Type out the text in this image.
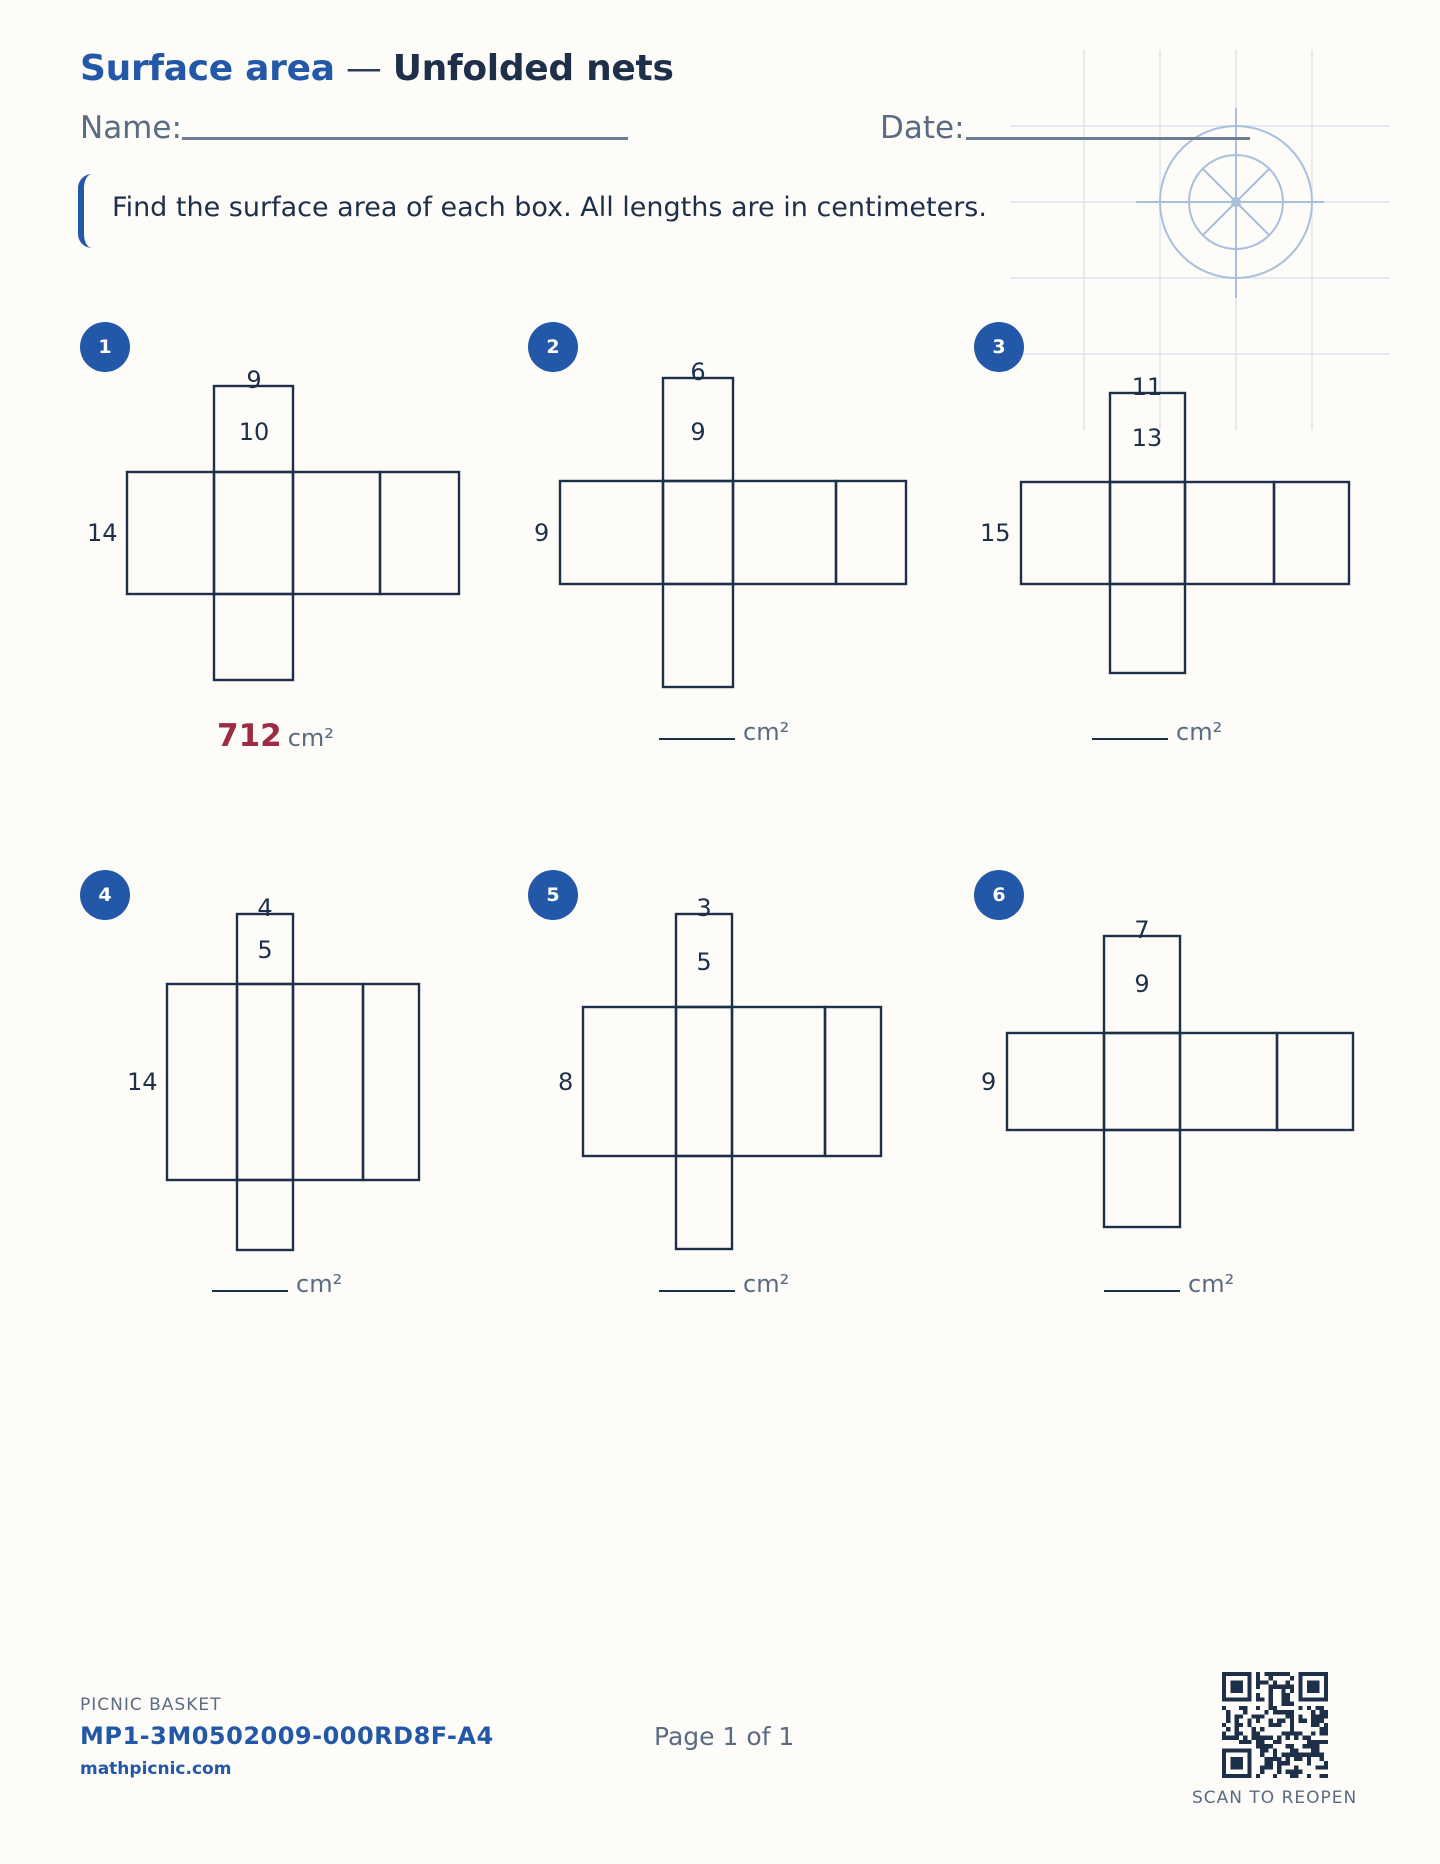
Surface area — Unfolded nets
Name:	Date:
Find the surface area of each box. All lengths are in centimeters.
1
9
10
14
712 cm²
2
6
9
9
cm²
3
11
13
15
cm²
4	4
5
14
cm²
5	3
5
8
cm²
6
7
9
9
cm²
PICNIC BASKET
MP1-3M0502009-000RD8F-A4
mathpicnic.com
Page 1 of 1
SCAN TO REOPEN
